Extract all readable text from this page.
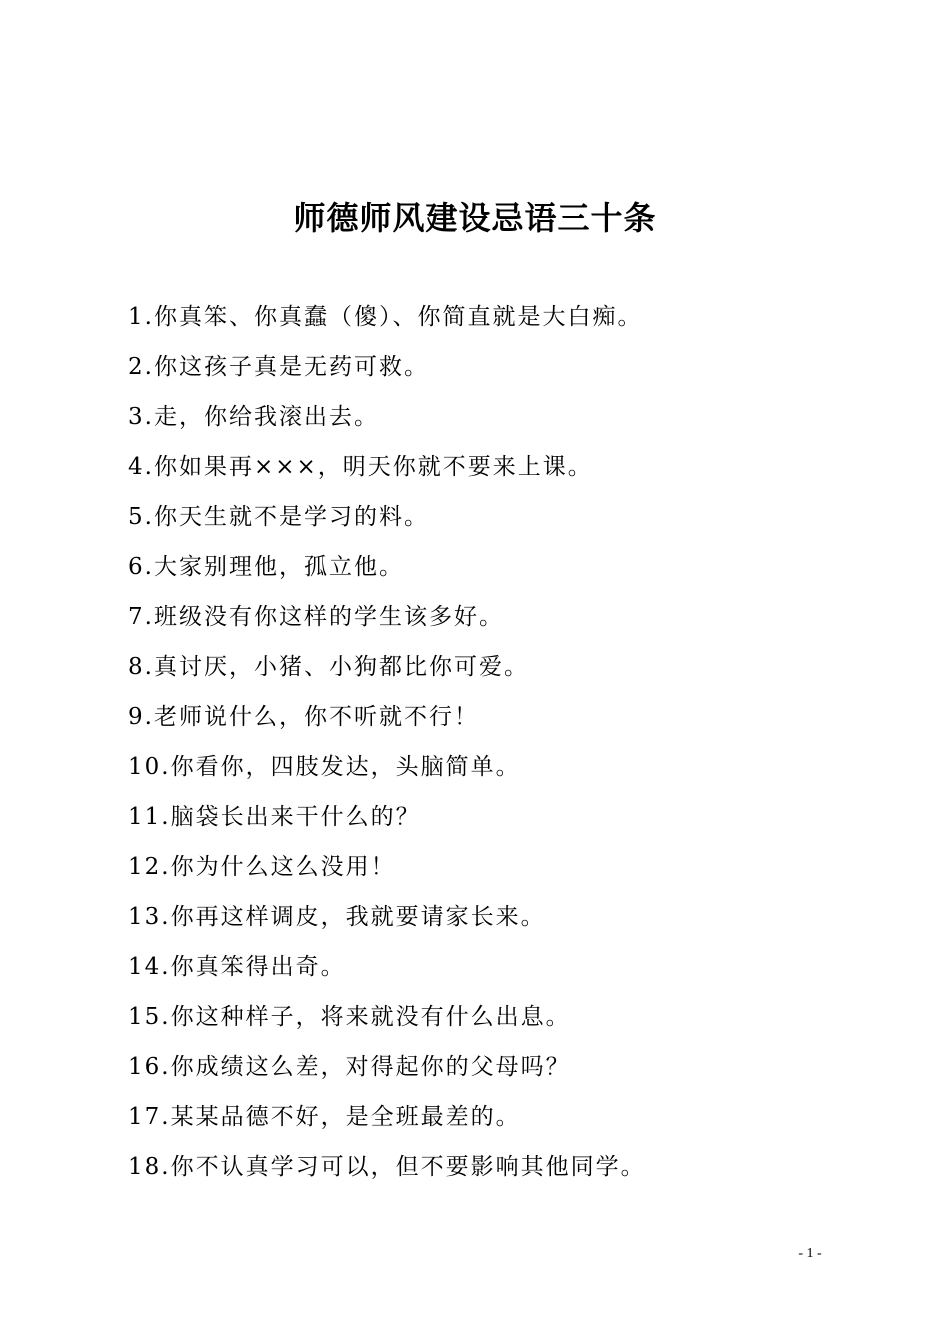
师德师风建设忌语三十条
1.你真笨、你真蠢（傻）、你简直就是大白痴。
2.你这孩子真是无药可救。
3.走，你给我滚出去。
4.你如果再×××，明天你就不要来上课。
5.你天生就不是学习的料。
6.大家别理他，孤立他。
7.班级没有你这样的学生该多好。
8.真讨厌，小猪、小狗都比你可爱。
9.老师说什么，你不听就不行！
10.你看你，四肢发达，头脑简单。
11.脑袋长出来干什么的？
12.你为什么这么没用！
13.你再这样调皮，我就要请家长来。
14.你真笨得出奇。
15.你这种样子，将来就没有什么出息。
16.你成绩这么差，对得起你的父母吗？
17.某某品德不好，是全班最差的。
18.你不认真学习可以，但不要影响其他同学。
- 1 -
